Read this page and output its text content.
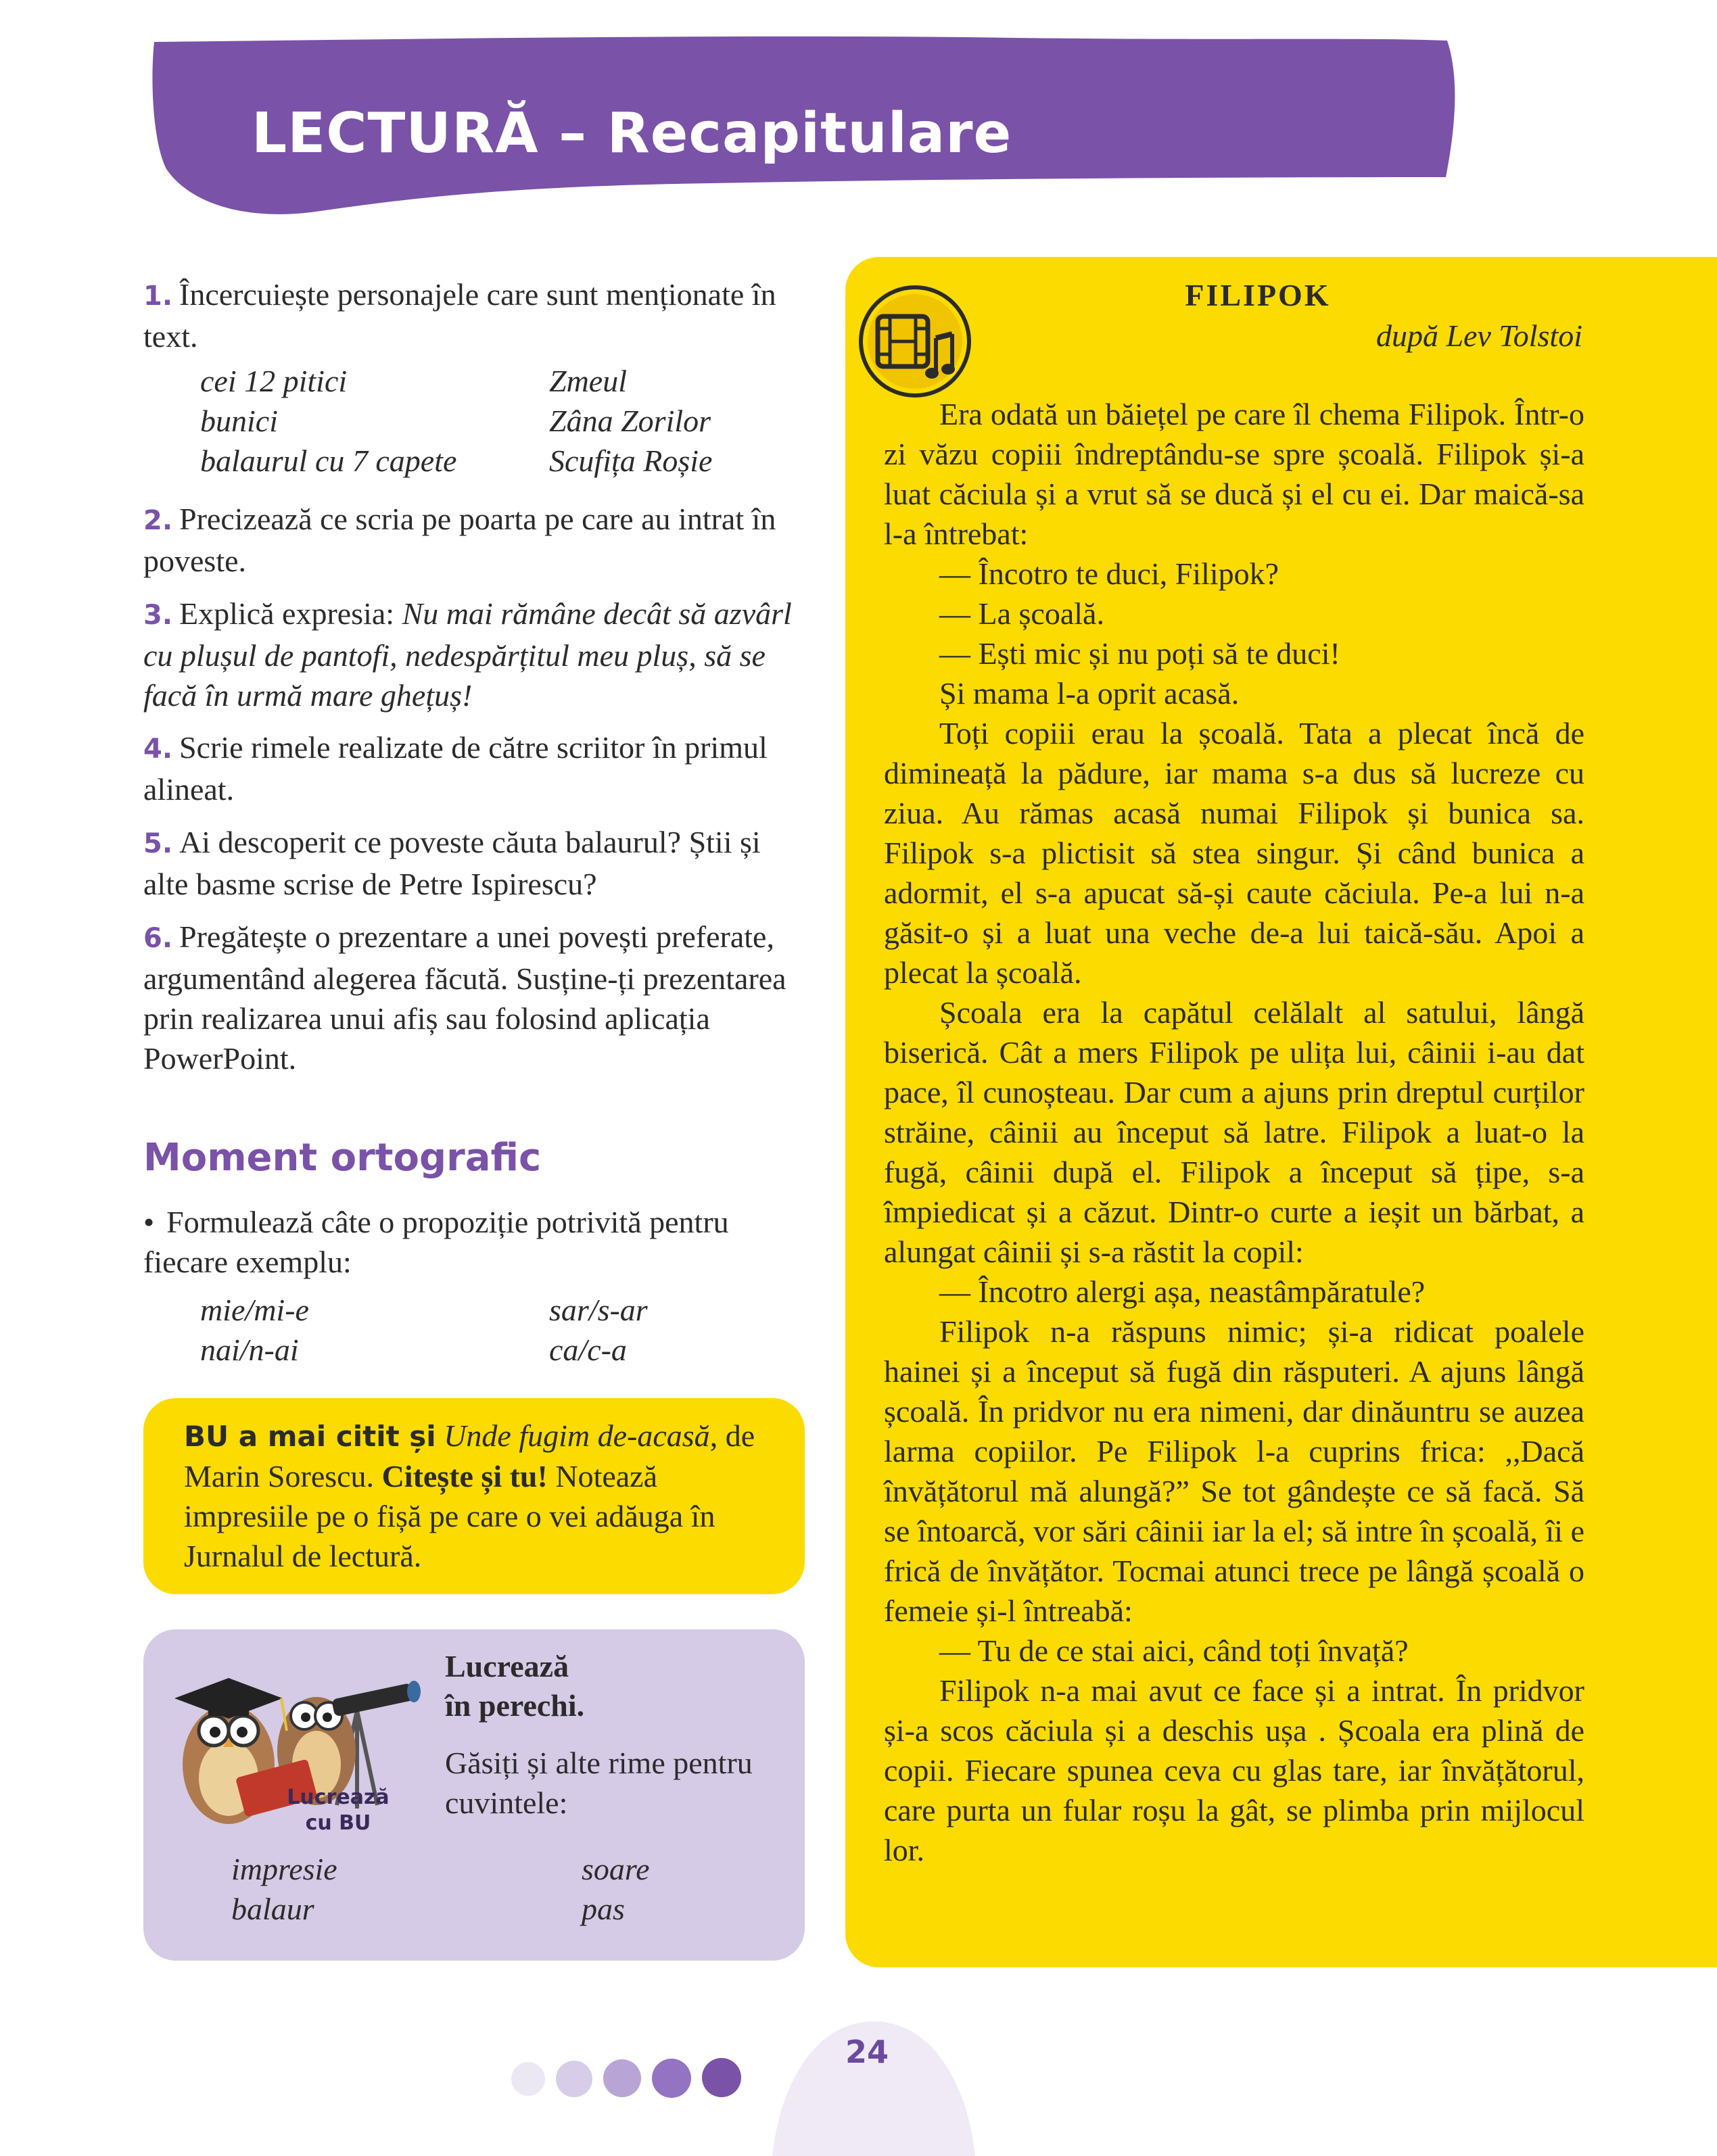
LECTURĂ – Recapitulare
1. Încercuiește personajele care sunt menționate în text.
cei 12 pitici
bunici
balaurul cu 7 capete
Zmeul
Zâna Zorilor
Scufița Roșie
2. Precizează ce scria pe poarta pe care au intrat în poveste.
3. Explică expresia: Nu mai rămâne decât să azvârl cu plușul de pantofi, nedespărțitul meu pluș, să se facă în urmă mare ghețuș!
4. Scrie rimele realizate de către scriitor în primul alineat.
5. Ai descoperit ce poveste căuta balaurul? Știi și alte basme scrise de Petre Ispirescu?
6. Pregătește o prezentare a unei povești preferate, argumentând alegerea făcută. Susține-ți prezentarea prin realizarea unui afiș sau folosind aplicația PowerPoint.
Moment ortografic
• Formulează câte o propoziție potrivită pentru fiecare exemplu:
mie/mi-e
nai/n-ai
sar/s-ar
ca/c-a
BU a mai citit și Unde fugim de-acasă, de Marin Sorescu. Citește și tu! Notează impresiile pe o fișă pe care o vei adăuga în Jurnalul de lectură.
Lucrează
cu BU
Lucrează
în perechi.
Găsiți și alte rime pentru cuvintele:
impresie
balaur
soare
pas
FILIPOK
după Lev Tolstoi

Era odată un băiețel pe care îl chema Filipok. Într-o zi văzu copiii îndreptându-se spre școală. Filipok și-a luat căciula și a vrut să se ducă și el cu ei. Dar maică-sa l-a întrebat:

— Încotro te duci, Filipok?

— La școală.

— Ești mic și nu poți să te duci!

Și mama l-a oprit acasă.

Toți copiii erau la școală. Tata a plecat încă de dimineață la pădure, iar mama s-a dus să lucreze cu ziua. Au rămas acasă numai Filipok și bunica sa. Filipok s-a plictisit să stea singur. Și când bunica a adormit, el s-a apucat să-și caute căciula. Pe-a lui n-a găsit-o și a luat una veche de-a lui taică-său. Apoi a plecat la școală.

Școala era la capătul celălalt al satului, lângă biserică. Cât a mers Filipok pe ulița lui, câinii i-au dat pace, îl cunoșteau. Dar cum a ajuns prin dreptul curților străine, câinii au început să latre. Filipok a luat-o la fugă, câinii după el. Filipok a început să țipe, s-a împiedicat și a căzut. Dintr-o curte a ieșit un bărbat, a alungat câinii și s-a răstit la copil:

— Încotro alergi așa, neastâmpăratule?

Filipok n-a răspuns nimic; și-a ridicat poalele hainei și a început să fugă din răsputeri. A ajuns lângă școală. În pridvor nu era nimeni, dar dinăuntru se auzea larma copiilor. Pe Filipok l-a cuprins frica: ,,Dacă învățătorul mă alungă?” Se tot gândește ce să facă. Să se întoarcă, vor sări câinii iar la el; să intre în școală, îi e frică de învățător. Tocmai atunci trece pe lângă școală o femeie și-l întreabă:

— Tu de ce stai aici, când toți învață?

Filipok n-a mai avut ce face și a intrat. În pridvor și-a scos căciula și a deschis ușa . Școala era plină de copii. Fiecare spunea ceva cu glas tare, iar învățătorul, care purta un fular roșu la gât, se plimba prin mijlocul lor.

24
